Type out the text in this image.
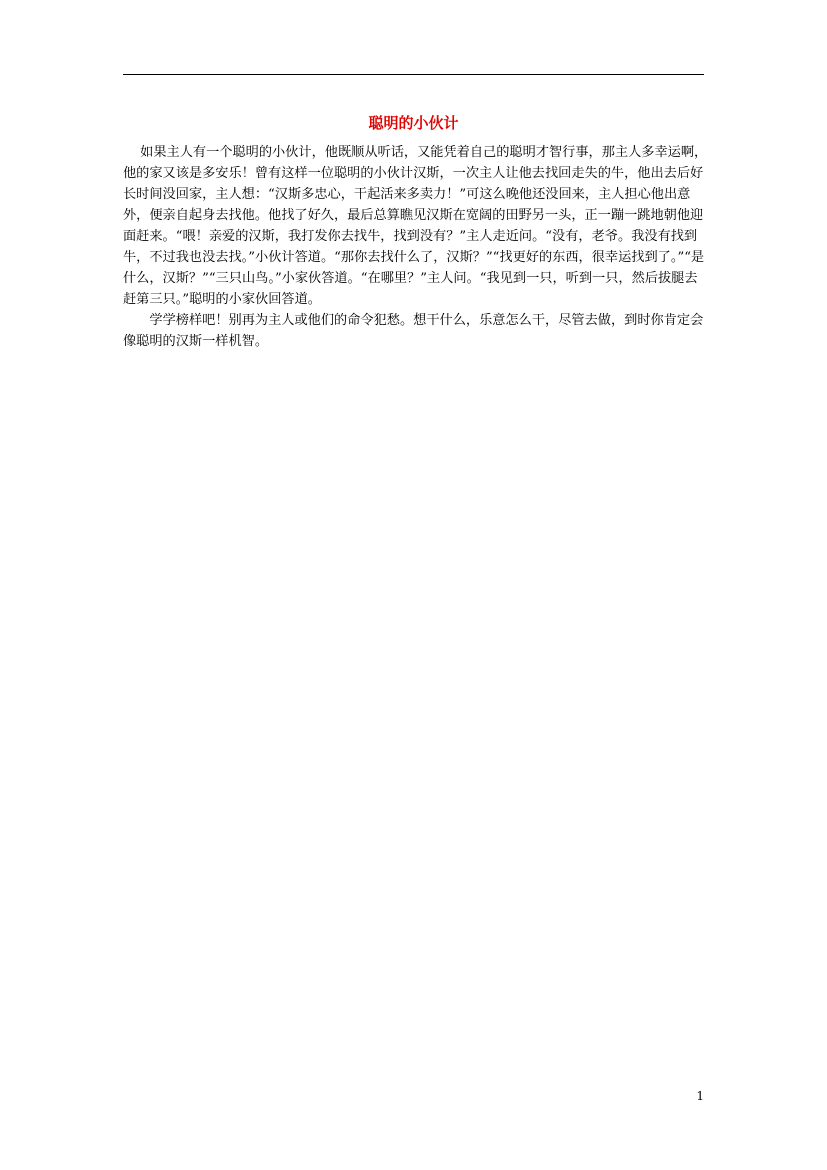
聪明的小伙计

如果主人有一个聪明的小伙计，他既顺从听话，又能凭着自己的聪明才智行事，那主人多幸运啊，他的家又该是多安乐！曾有这样一位聪明的小伙计汉斯，一次主人让他去找回走失的牛，他出去后好长时间没回家，主人想：“汉斯多忠心，干起活来多卖力！”可这么晚他还没回来，主人担心他出意外，便亲自起身去找他。他找了好久，最后总算瞧见汉斯在宽阔的田野另一头，正一蹦一跳地朝他迎面赶来。“喂！亲爱的汉斯，我打发你去找牛，找到没有？”主人走近问。“没有，老爷。我没有找到牛，不过我也没去找。”小伙计答道。“那你去找什么了，汉斯？”“找更好的东西，很幸运找到了。”“是什么，汉斯？”“三只山鸟。”小家伙答道。“在哪里？”主人问。“我见到一只，听到一只，然后拔腿去赶第三只。”聪明的小家伙回答道。

学学榜样吧！别再为主人或他们的命令犯愁。想干什么，乐意怎么干，尽管去做，到时你肯定会像聪明的汉斯一样机智。

1
